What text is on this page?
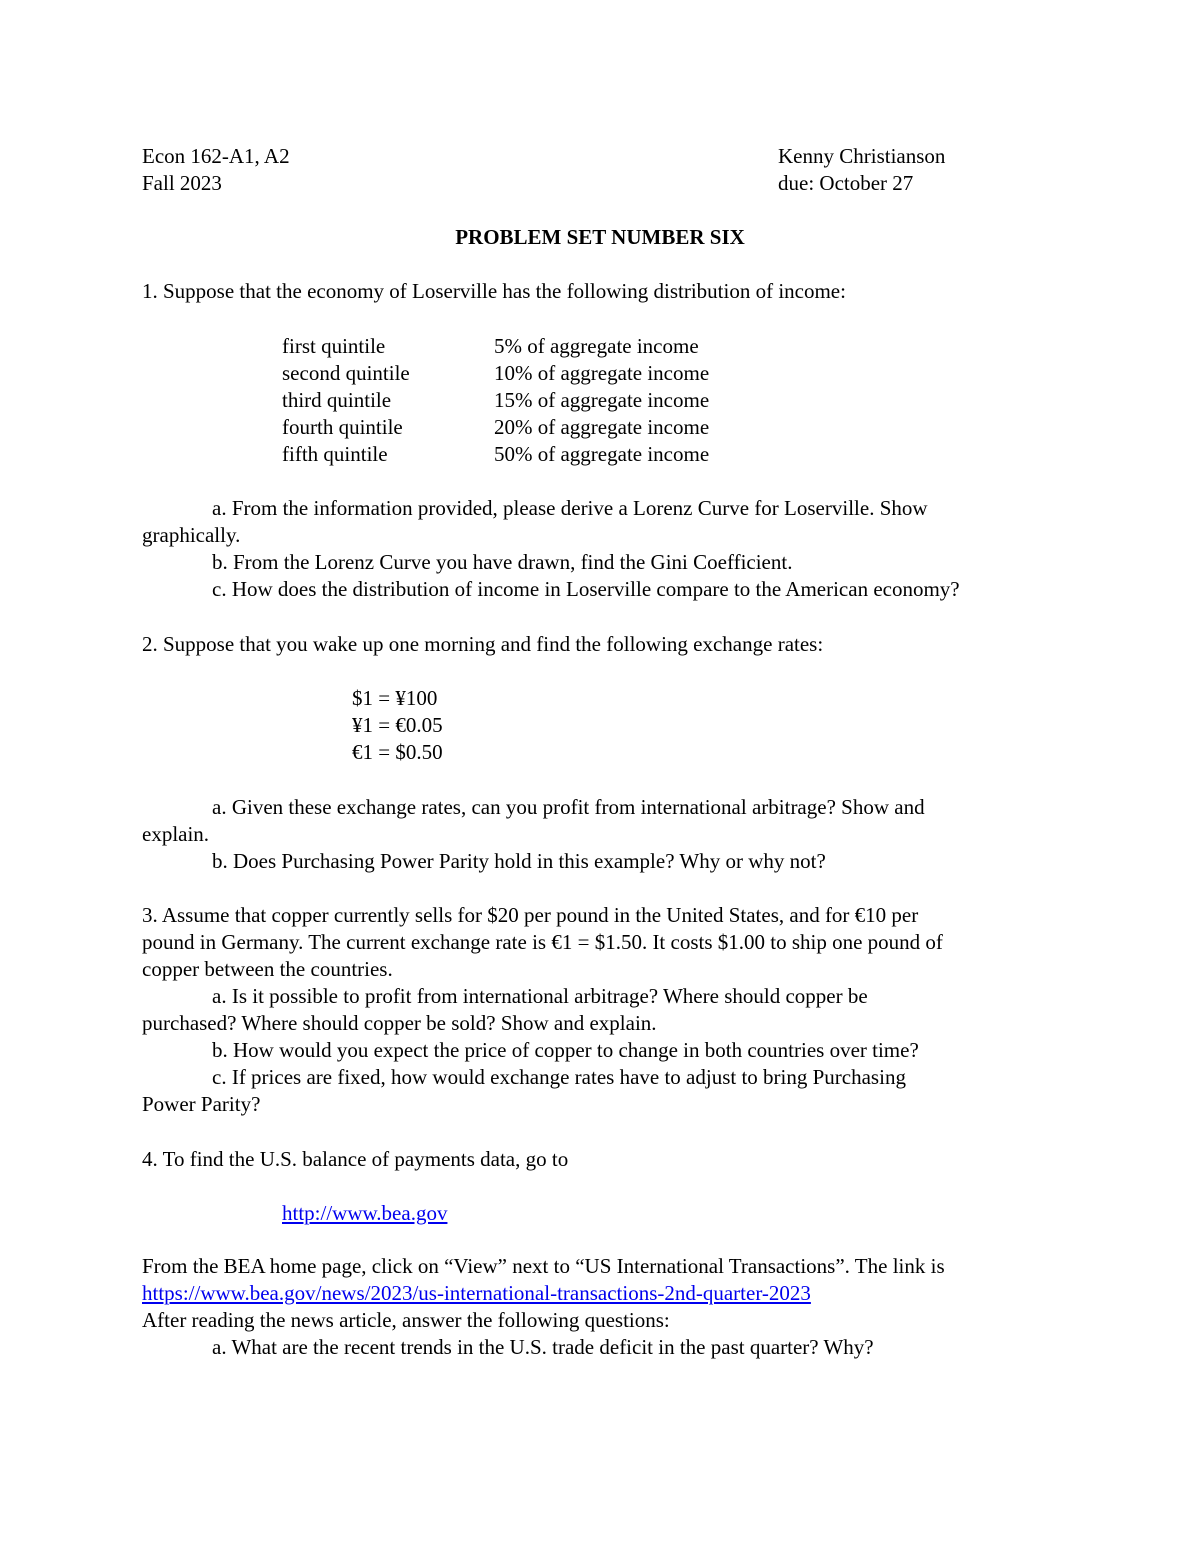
Econ 162-A1, A2
Fall 2023
Kenny Christianson
due: October 27
PROBLEM SET NUMBER SIX
1. Suppose that the economy of Loserville has the following distribution of income:
first quintile	5% of aggregate income
second quintile	10% of aggregate income
third quintile	15% of aggregate income
fourth quintile	20% of aggregate income
fifth quintile	50% of aggregate income
a. From the information provided, please derive a Lorenz Curve for Loserville. Show
graphically.
b. From the Lorenz Curve you have drawn, find the Gini Coefficient.
c. How does the distribution of income in Loserville compare to the American economy?
2. Suppose that you wake up one morning and find the following exchange rates:
$1 = ¥100
¥1 = €0.05
€1 = $0.50
a. Given these exchange rates, can you profit from international arbitrage? Show and
explain.
b. Does Purchasing Power Parity hold in this example? Why or why not?
3. Assume that copper currently sells for $20 per pound in the United States, and for €10 per
pound in Germany. The current exchange rate is €1 = $1.50. It costs $1.00 to ship one pound of
copper between the countries.
a. Is it possible to profit from international arbitrage? Where should copper be
purchased? Where should copper be sold? Show and explain.
b. How would you expect the price of copper to change in both countries over time?
c. If prices are fixed, how would exchange rates have to adjust to bring Purchasing
Power Parity?
4. To find the U.S. balance of payments data, go to
http://www.bea.gov
From the BEA home page, click on “View” next to “US International Transactions”. The link is
https://www.bea.gov/news/2023/us-international-transactions-2nd-quarter-2023
After reading the news article, answer the following questions:
a. What are the recent trends in the U.S. trade deficit in the past quarter? Why?
